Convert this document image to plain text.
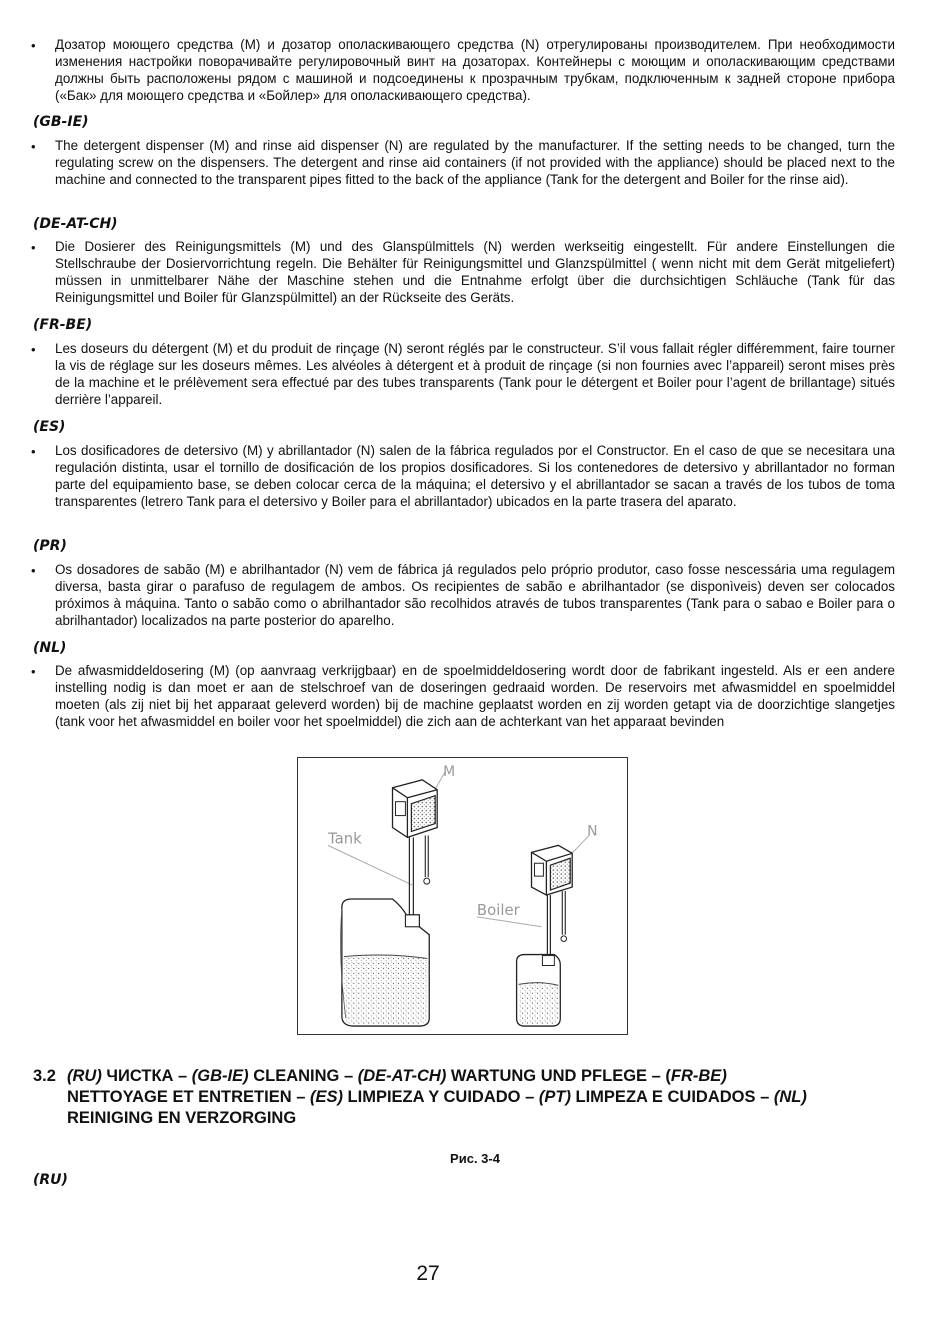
• Дозатор моющего средства (M) и дозатор ополаскивающего средства (N) отрегулированы производителем. При необходимости изменения настройки поворачивайте регулировочный винт на дозаторах. Контейнеры с моющим и ополаскивающим средствами должны быть расположены рядом с машиной и подсоединены к прозрачным трубкам, подключенным к задней стороне прибора («Бак» для моющего средства и «Бойлер» для ополаскивающего средства).
(GB-IE)
• The detergent dispenser (M) and rinse aid dispenser (N) are regulated by the manufacturer. If the setting needs to be changed, turn the regulating screw on the dispensers. The detergent and rinse aid containers (if not provided with the appliance) should be placed next to the machine and connected to the transparent pipes fitted to the back of the appliance (Tank for the detergent and Boiler for the rinse aid).
(DE-AT-CH)
• Die Dosierer des Reinigungsmittels (M) und des Glanspülmittels (N) werden werkseitig eingestellt. Für andere Einstellungen die Stellschraube der Dosiervorrichtung regeln. Die Behälter für Reinigungsmittel und Glanzspülmittel ( wenn nicht mit dem Gerät mitgeliefert) müssen in unmittelbarer Nähe der Maschine stehen und die Entnahme erfolgt über die durchsichtigen Schläuche (Tank für das Reinigungsmittel und Boiler für Glanzspülmittel) an der Rückseite des Geräts.
(FR-BE)
• Les doseurs du détergent (M) et du produit de rinçage (N) seront réglés par le constructeur. S’il vous fallait régler différemment, faire tourner la vis de réglage sur les doseurs mêmes. Les alvéoles à détergent et à produit de rinçage (si non fournies avec l’appareil) seront mises près de la machine et le prélèvement sera effectué par des tubes transparents (Tank pour le détergent et Boiler pour l’agent de brillantage) situés derrière l’appareil.
(ES)
• Los dosificadores de detersivo (M) y abrillantador (N) salen de la fábrica regulados por el Constructor. En el caso de que se necesitara una regulación distinta, usar el tornillo de dosificación de los propios dosificadores. Si los contenedores de detersivo y abrillantador no forman parte del equipamiento base, se deben colocar cerca de la máquina; el detersivo y el abrillantador se sacan a través de los tubos de toma transparentes (letrero Tank para el detersivo y Boiler para el abrillantador) ubicados en la parte trasera del aparato.
(PR)
• Os dosadores de sabão (M) e abrilhantador (N) vem de fábrica já regulados pelo próprio produtor, caso fosse nescessária uma regulagem diversa, basta girar o parafuso de regulagem de ambos. Os recipientes de sabão e abrilhantador (se disponìveis) deven ser colocados próximos à máquina. Tanto o sabão como o abrilhantador são recolhidos através de tubos transparentes (Tank para o sabao e Boiler para o abrilhantador) localizados na parte posterior do aparelho.
(NL)
• De afwasmiddeldosering (M) (op aanvraag verkrijgbaar) en de spoelmiddeldosering wordt door de fabrikant ingesteld. Als er een andere instelling nodig is dan moet er aan de stelschroef van de doseringen gedraaid worden. De reservoirs met afwasmiddel en spoelmiddel moeten (als zij niet bij het apparaat geleverd worden) bij de machine geplaatst worden en zij worden getapt via de doorzichtige slangetjes (tank voor het afwasmiddel en boiler voor het spoelmiddel) die zich aan de achterkant van het apparaat bevinden
M
N
Tank
Boiler
3.2 (RU) ЧИСТКА – (GB-IE) CLEANING – (DE-AT-CH) WARTUNG UND PFLEGE – (FR-BE)
NETTOYAGE ET ENTRETIEN – (ES) LIMPIEZA Y CUIDADO – (PT) LIMPEZA E CUIDADOS – (NL)
REINIGING EN VERZORGING
Рис. 3-4
(RU)
27
